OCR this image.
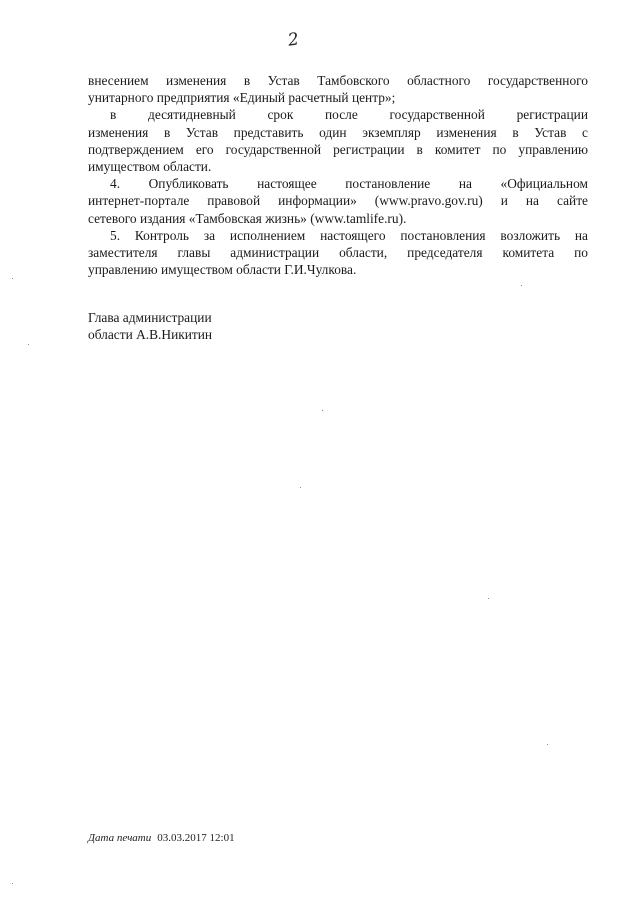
2
внесением изменения в Устав Тамбовского областного государственного
унитарного предприятия «Единый расчетный центр»;
в десятидневный срок после государственной регистрации
изменения в Устав представить один экземпляр изменения в Устав с
подтверждением его государственной регистрации в комитет по управлению
имуществом области.
4. Опубликовать настоящее постановление на «Официальном
интернет-портале правовой информации» (www.pravo.gov.ru) и на сайте
сетевого издания «Тамбовская жизнь» (www.tamlife.ru).
5. Контроль за исполнением настоящего постановления возложить на
заместителя главы администрации области, председателя комитета по
управлению имуществом области Г.И.Чулкова.
Глава администрации
области А.В.Никитин
Дата печати 03.03.2017 12:01
